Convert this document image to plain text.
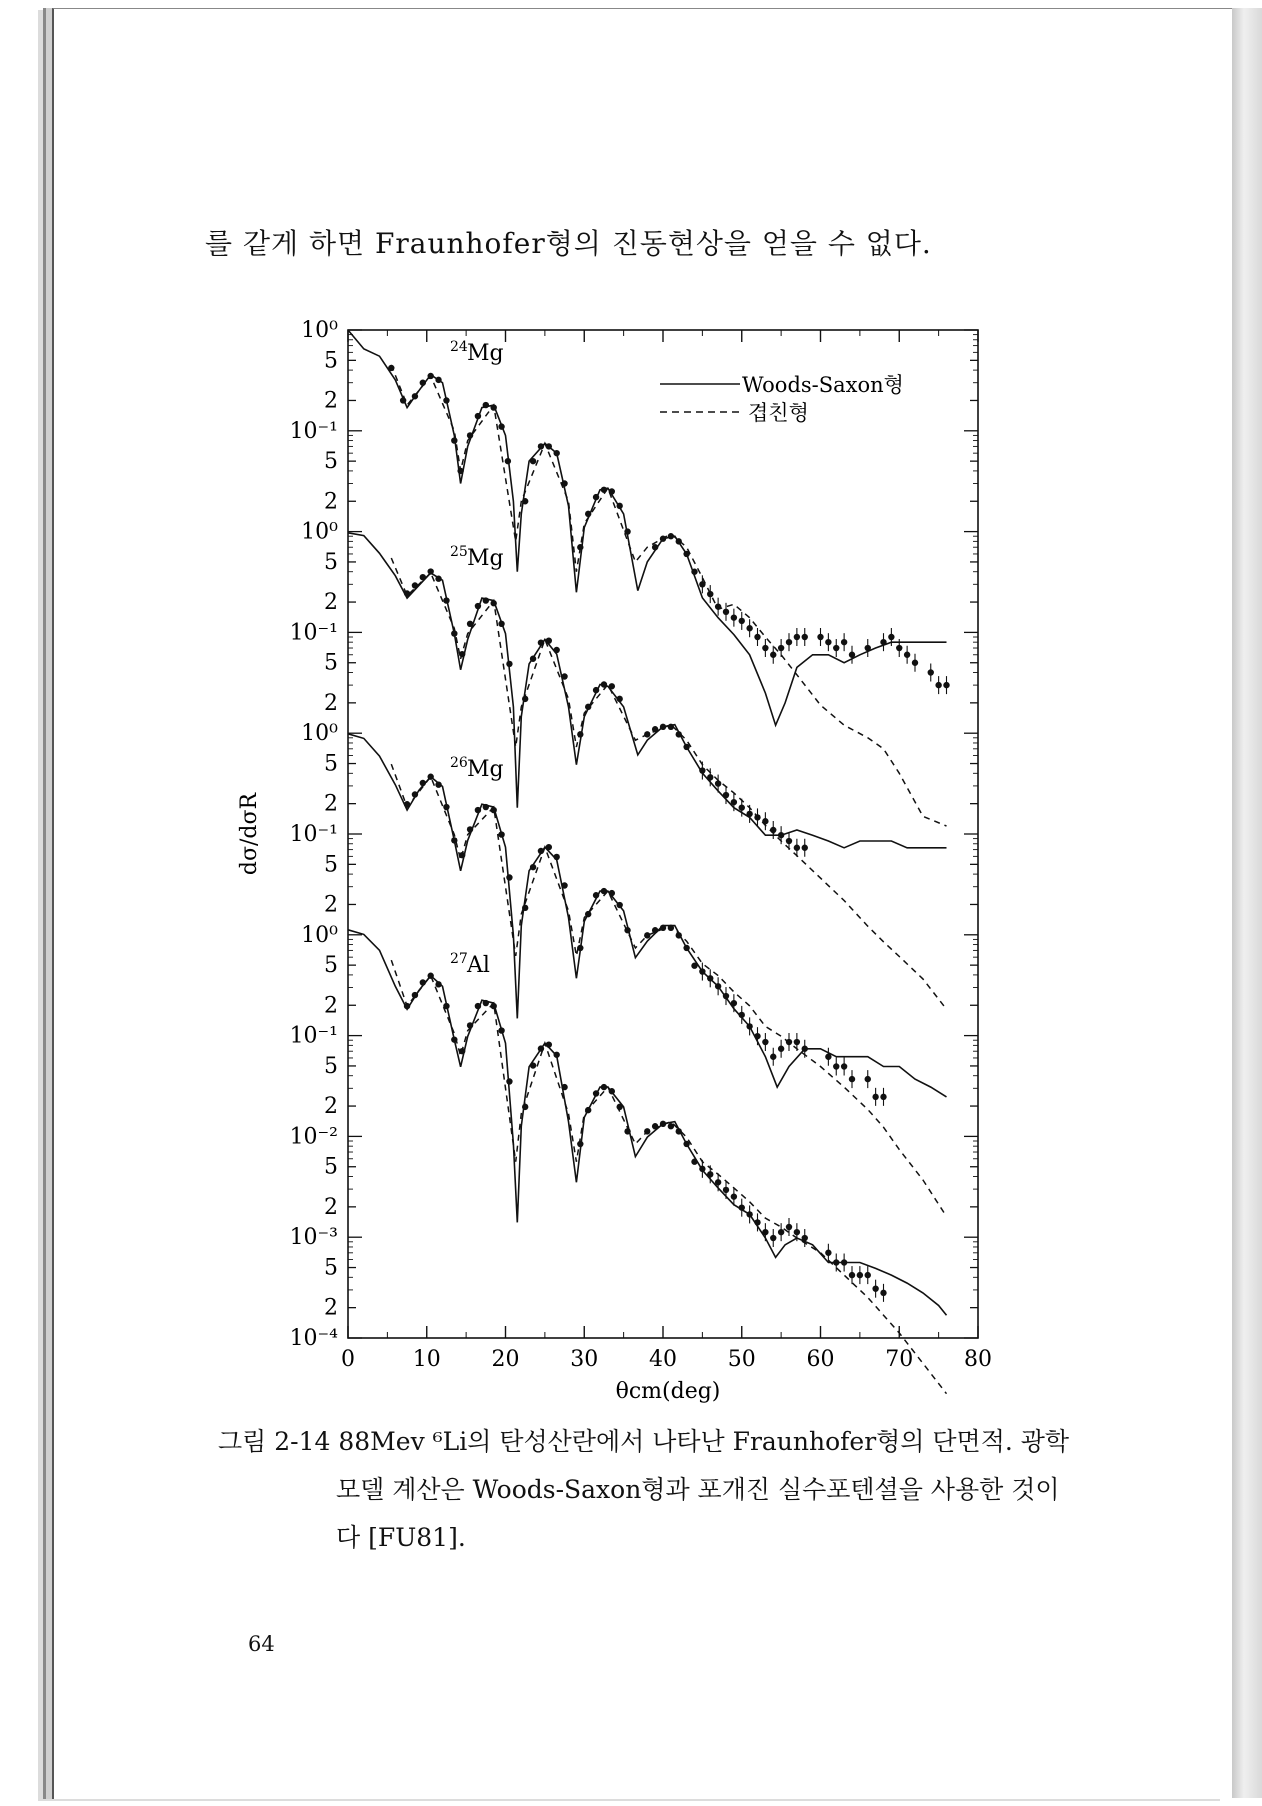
를 같게 하면 Fraunhofer형의 진동현상을 얻을 수 없다.
0	10 20 30 40 50 60 70 80
10⁰
5
2
10⁻¹
5
2
10⁰
5
2
10⁻¹
5
2
10⁰
5
2
10⁻¹
5
2
10⁰
5
2
10⁻¹
5
2
10⁻²
5
2
10⁻³
5
2
10⁻⁴
θcm(deg)
dσ/dσR
Woods-Saxon형
겹친형
24 Mg
25 Mg
26 Mg
27 Al
그림 2-14 88Mev ⁶Li의 탄성산란에서 나타난 Fraunhofer형의 단면적. 광학
모델 계산은 Woods-Saxon형과 포개진 실수포텐셜을 사용한 것이
다 [FU81].
64
